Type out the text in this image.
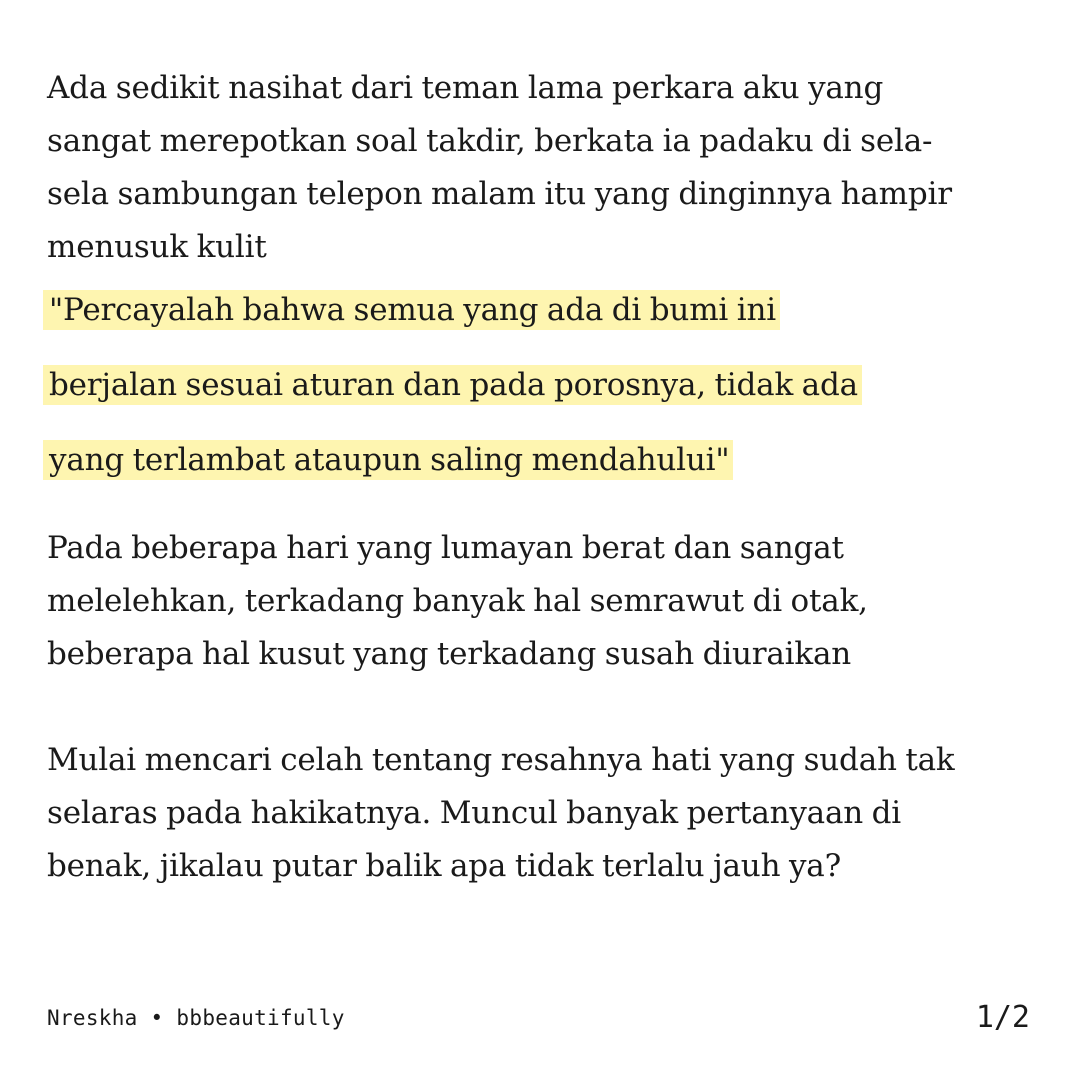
Ada sedikit nasihat dari teman lama perkara aku yang
sangat merepotkan soal takdir, berkata ia padaku di sela-
sela sambungan telepon malam itu yang dinginnya hampir
menusuk kulit

"Percayalah bahwa semua yang ada di bumi ini
berjalan sesuai aturan dan pada porosnya, tidak ada
yang terlambat ataupun saling mendahului"

Pada beberapa hari yang lumayan berat dan sangat
melelehkan, terkadang banyak hal semrawut di otak,
beberapa hal kusut yang terkadang susah diuraikan

Mulai mencari celah tentang resahnya hati yang sudah tak
selaras pada hakikatnya. Muncul banyak pertanyaan di
benak, jikalau putar balik apa tidak terlalu jauh ya?

Nreskha • bbbeautifully	1/2
